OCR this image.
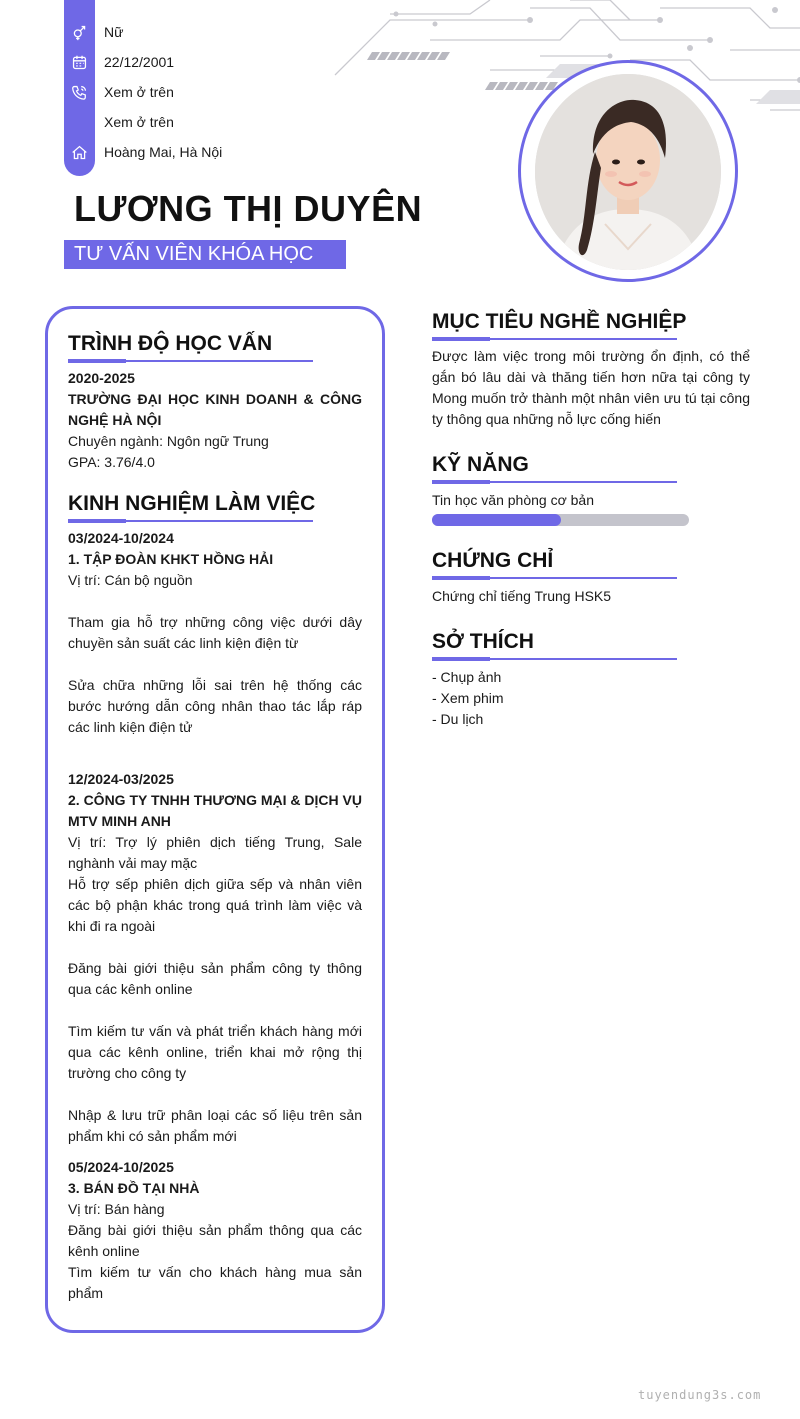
Nữ
22/12/2001
Xem ở trên
Xem ở trên
Hoàng Mai, Hà Nội
LƯƠNG THỊ DUYÊN
TƯ VẤN VIÊN KHÓA HỌC
TRÌNH ĐỘ HỌC VẤN
2020-2025
TRƯỜNG ĐẠI HỌC KINH DOANH & CÔNG NGHỆ HÀ NỘI
Chuyên ngành: Ngôn ngữ Trung
GPA: 3.76/4.0
KINH NGHIỆM LÀM VIỆC
03/2024-10/2024
1. TẬP ĐOÀN KHKT HỒNG HẢI
Vị trí: Cán bộ nguồn
Tham gia hỗ trợ những công việc dưới dây chuyền sản suất các linh kiện điện từ
Sửa chữa những lỗi sai trên hệ thống các bước hướng dẫn công nhân thao tác lắp ráp các linh kiện điện tử
12/2024-03/2025
2. CÔNG TY TNHH THƯƠNG MẠI & DỊCH VỤ MTV MINH ANH
Vị trí: Trợ lý phiên dịch tiếng Trung, Sale nghành vải may mặc
Hỗ trợ sếp phiên dịch giữa sếp và nhân viên các bộ phận khác trong quá trình làm việc và khi đi ra ngoài
Đăng bài giới thiệu sản phẩm công ty thông qua các kênh online
Tìm kiếm tư vấn và phát triển khách hàng mới qua các kênh online, triển khai mở rộng thị trường cho công ty
Nhập & lưu trữ phân loại các số liệu trên sản phẩm khi có sản phẩm mới
05/2024-10/2025
3. BÁN ĐỒ TẠI NHÀ
Vị trí: Bán hàng
Đăng bài giới thiệu sản phẩm thông qua các kênh online
Tìm kiếm tư vấn cho khách hàng mua sản phẩm
MỤC TIÊU NGHỀ NGHIỆP
Được làm việc trong môi trường ổn định, có thể gắn bó lâu dài và thăng tiến hơn nữa tại công ty Mong muốn trở thành một nhân viên ưu tú tại công ty thông qua những nỗ lực cống hiến
KỸ NĂNG
Tin học văn phòng cơ bản
CHỨNG CHỈ
Chứng chỉ tiếng Trung HSK5
SỞ THÍCH
- Chụp ảnh
- Xem phim
- Du lịch
tuyendung3s.com
